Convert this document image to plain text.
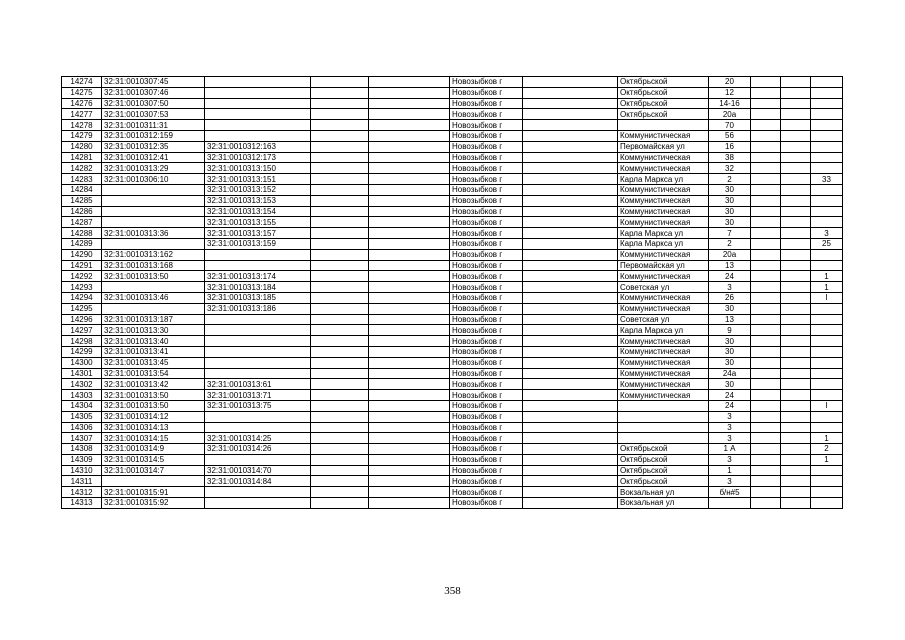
14274	32:31:0010307:45				Новозыбков г		Октябрьской	20			
14275	32:31:0010307:46				Новозыбков г		Октябрьской	12			
14276	32:31:0010307:50				Новозыбков г		Октябрьской	14-16			
14277	32:31:0010307:53				Новозыбков г		Октябрьской	20а			
14278	32:31:0010311:31				Новозыбков г			70			
14279	32:31:0010312:159				Новозыбков г		Коммунистическая	56			
14280	32:31:0010312:35	32:31:0010312:163			Новозыбков г		Первомайская ул	16			
14281	32:31:0010312:41	32:31:0010312:173			Новозыбков г		Коммунистическая	38			
14282	32:31:0010313:29	32:31:0010313:150			Новозыбков г		Коммунистическая	32			
14283	32:31:0010306:10	32:31:0010313:151			Новозыбков г		Карла Маркса ул	2			33
14284		32:31:0010313:152			Новозыбков г		Коммунистическая	30			
14285		32:31:0010313:153			Новозыбков г		Коммунистическая	30			
14286		32:31:0010313:154			Новозыбков г		Коммунистическая	30			
14287		32:31:0010313:155			Новозыбков г		Коммунистическая	30			
14288	32:31:0010313:36	32:31:0010313:157			Новозыбков г		Карла Маркса ул	7			3
14289		32:31:0010313:159			Новозыбков г		Карла Маркса ул	2			25
14290	32:31:0010313:162				Новозыбков г		Коммунистическая	20а			
14291	32:31:0010313:168				Новозыбков г		Первомайская ул	13			
14292	32:31:0010313:50	32:31:0010313:174			Новозыбков г		Коммунистическая	24			1
14293		32:31:0010313:184			Новозыбков г		Советская ул	3			1
14294	32:31:0010313:46	32:31:0010313:185			Новозыбков г		Коммунистическая	26			I
14295		32:31:0010313:186			Новозыбков г		Коммунистическая	30			
14296	32:31:0010313:187				Новозыбков г		Советская ул	13			
14297	32:31:0010313:30				Новозыбков г		Карла Маркса ул	9			
14298	32:31:0010313:40				Новозыбков г		Коммунистическая	30			
14299	32:31:0010313:41				Новозыбков г		Коммунистическая	30			
14300	32:31:0010313:45				Новозыбков г		Коммунистическая	30			
14301	32:31:0010313:54				Новозыбков г		Коммунистическая	24а			
14302	32:31:0010313:42	32:31:0010313:61			Новозыбков г		Коммунистическая	30			
14303	32:31:0010313:50	32:31:0010313:71			Новозыбков г		Коммунистическая	24			
14304	32:31:0010313:50	32:31:0010313:75			Новозыбков г			24			I
14305	32:31:0010314:12				Новозыбков г			3			
14306	32:31:0010314:13				Новозыбков г			3			
14307	32:31:0010314:15	32:31:0010314:25			Новозыбков г			3			1
14308	32:31:0010314:9	32:31:0010314:26			Новозыбков г		Октябрьской	1 А			2
14309	32:31:0010314:5				Новозыбков г		Октябрьской	3			1
14310	32:31:0010314:7	32:31:0010314:70			Новозыбков г		Октябрьской	1			
14311		32:31:0010314:84			Новозыбков г		Октябрьской	3			
14312	32:31:0010315:91				Новозыбков г		Вокзальная ул	б/н#5			
14313	32:31:0010315:92				Новозыбков г		Вокзальная ул				
358
